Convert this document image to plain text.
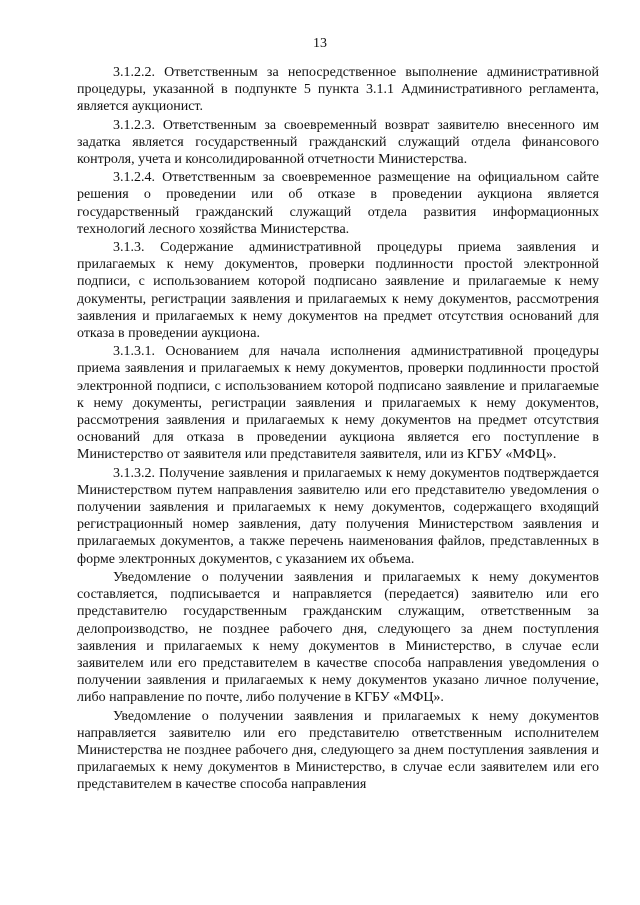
13

3.1.2.2. Ответственным за непосредственное выполнение административной процедуры, указанной в подпункте 5 пункта 3.1.1 Административного регламента, является аукционист.

3.1.2.3. Ответственным за своевременный возврат заявителю внесенного им задатка является государственный гражданский служащий отдела финансового контроля, учета и консолидированной отчетности Министерства.

3.1.2.4. Ответственным за своевременное размещение на официальном сайте решения о проведении или об отказе в проведении аукциона является государственный гражданский служащий отдела развития информационных технологий лесного хозяйства Министерства.

3.1.3. Содержание административной процедуры приема заявления и прилагаемых к нему документов, проверки подлинности простой электронной подписи, с использованием которой подписано заявление и прилагаемые к нему документы, регистрации заявления и прилагаемых к нему документов, рассмотрения заявления и прилагаемых к нему документов на предмет отсутствия оснований для отказа в проведении аукциона.

3.1.3.1. Основанием для начала исполнения административной процедуры приема заявления и прилагаемых к нему документов, проверки подлинности простой электронной подписи, с использованием которой подписано заявление и прилагаемые к нему документы, регистрации заявления и прилагаемых к нему документов, рассмотрения заявления и прилагаемых к нему документов на предмет отсутствия оснований для отказа в проведении аукциона является его поступление в Министерство от заявителя или представителя заявителя, или из КГБУ «МФЦ».

3.1.3.2. Получение заявления и прилагаемых к нему документов подтверждается Министерством путем направления заявителю или его представителю уведомления о получении заявления и прилагаемых к нему документов, содержащего входящий регистрационный номер заявления, дату получения Министерством заявления и прилагаемых документов, а также перечень наименования файлов, представленных в форме электронных документов, с указанием их объема.

Уведомление о получении заявления и прилагаемых к нему документов составляется, подписывается и направляется (передается) заявителю или его представителю государственным гражданским служащим, ответственным за делопроизводство, не позднее рабочего дня, следующего за днем поступления заявления и прилагаемых к нему документов в Министерство, в случае если заявителем или его представителем в качестве способа направления уведомления о получении заявления и прилагаемых к нему документов указано личное получение, либо направление по почте, либо получение в КГБУ «МФЦ».

Уведомление о получении заявления и прилагаемых к нему документов направляется заявителю или его представителю ответственным исполнителем Министерства не позднее рабочего дня, следующего за днем поступления заявления и прилагаемых к нему документов в Министерство, в случае если заявителем или его представителем в качестве способа направления
